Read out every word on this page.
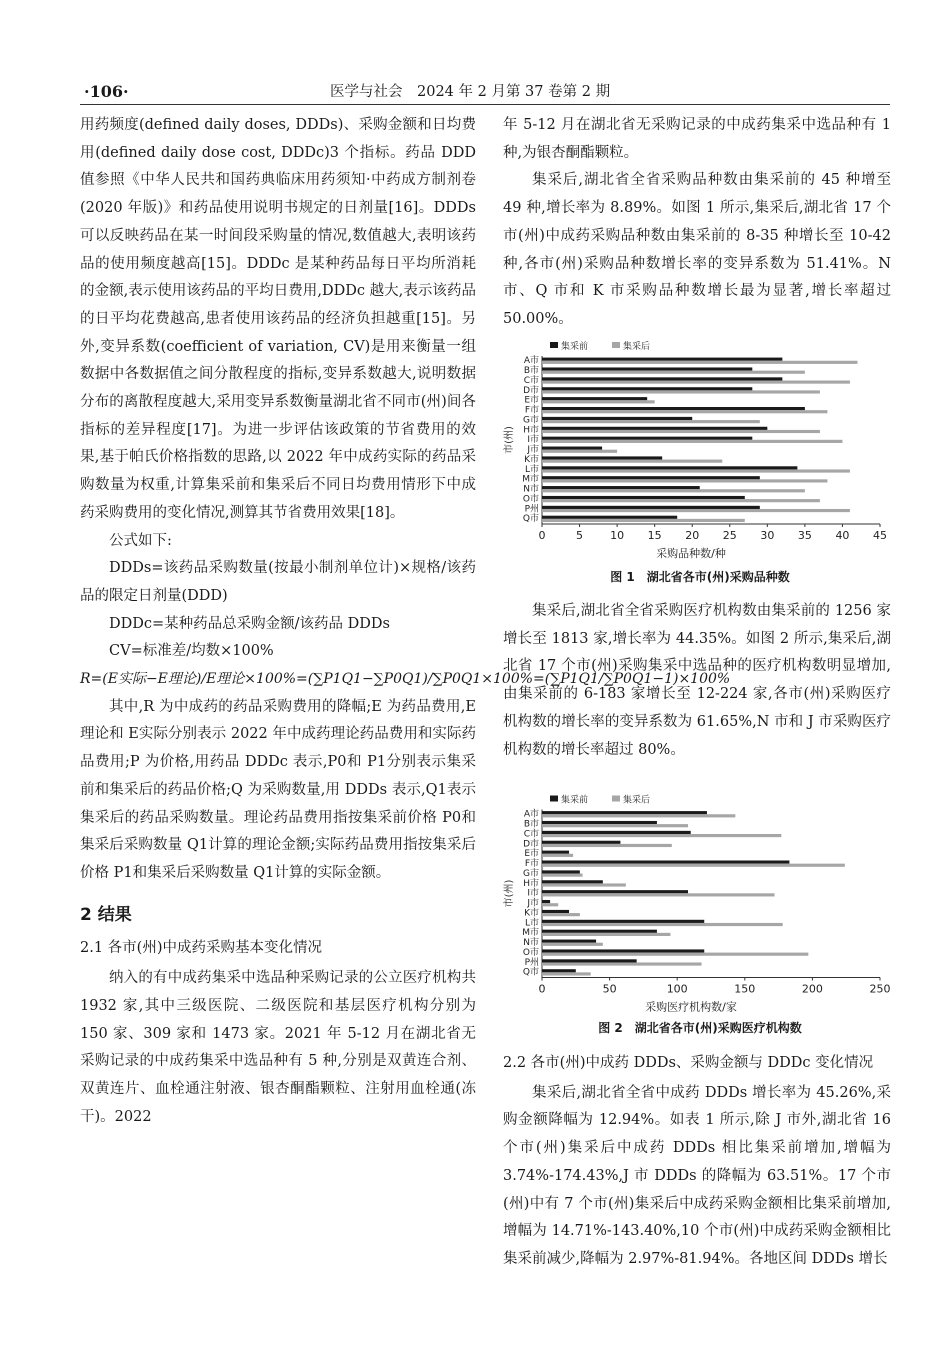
·106·	医学与社会　2024 年 2 月第 37 卷第 2 期

用药频度(defined daily doses, DDDs)、采购金额和日均费用(defined daily dose cost, DDDc)3 个指标。药品 DDD 值参照《中华人民共和国药典临床用药须知·中药成方制剂卷(2020 年版)》和药品使用说明书规定的日剂量[16]。DDDs 可以反映药品在某一时间段采购量的情况,数值越大,表明该药品的使用频度越高[15]。DDDc 是某种药品每日平均所消耗的金额,表示使用该药品的平均日费用,DDDc 越大,表示该药品的日平均花费越高,患者使用该药品的经济负担越重[15]。另外,变异系数(coefficient of variation, CV)是用来衡量一组数据中各数据值之间分散程度的指标,变异系数越大,说明数据分布的离散程度越大,采用变异系数衡量湖北省不同市(州)间各指标的差异程度[17]。为进一步评估该政策的节省费用的效果,基于帕氏价格指数的思路,以 2022 年中成药实际的药品采购数量为权重,计算集采前和集采后不同日均费用情形下中成药采购费用的变化情况,测算其节省费用效果[18]。

公式如下:

DDDs=该药品采购数量(按最小制剂单位计)×规格/该药品的限定日剂量(DDD)

DDDc=某种药品总采购金额/该药品 DDDs

CV=标准差/均数×100%

R=(E实际−E理论)/E理论×100%=(∑P1Q1−∑P0Q1)/∑P0Q1×100%=(∑P1Q1/∑P0Q1−1)×100%

其中,R 为中成药的药品采购费用的降幅;E 为药品费用,E理论和 E实际分别表示 2022 年中成药理论药品费用和实际药品费用;P 为价格,用药品 DDDc 表示,P0和 P1分别表示集采前和集采后的药品价格;Q 为采购数量,用 DDDs 表示,Q1表示集采后的药品采购数量。理论药品费用指按集采前价格 P0和集采后采购数量 Q1计算的理论金额;实际药品费用指按集采后价格 P1和集采后采购数量 Q1计算的实际金额。

2 结果
2.1 各市(州)中成药采购基本变化情况

纳入的有中成药集采中选品种采购记录的公立医疗机构共 1932 家,其中三级医院、二级医院和基层医疗机构分别为 150 家、309 家和 1473 家。2021 年 5-12 月在湖北省无采购记录的中成药集采中选品种有 5 种,分别是双黄连合剂、双黄连片、血栓通注射液、银杏酮酯颗粒、注射用血栓通(冻干)。2022

年 5-12 月在湖北省无采购记录的中成药集采中选品种有 1 种,为银杏酮酯颗粒。

集采后,湖北省全省采购品种数由集采前的 45 种增至 49 种,增长率为 8.89%。如图 1 所示,集采后,湖北省 17 个市(州)中成药采购品种数由集采前的 8-35 种增长至 10-42 种,各市(州)采购品种数增长率的变异系数为 51.41%。N 市、Q 市和 K 市采购品种数增长最为显著,增长率超过 50.00%。

集采前	集采后
A市
B市
C市
D市
E市
F市
G市
H市
I市
J市
K市
L市
M市
N市
O市
P州
Q市
0	5 10 15 20 25 30 35 40 45
采购品种数/种
市(州)
图 1　湖北省各市(州)采购品种数

集采后,湖北省全省采购医疗机构数由集采前的 1256 家增长至 1813 家,增长率为 44.35%。如图 2 所示,集采后,湖北省 17 个市(州)采购集采中选品种的医疗机构数明显增加,由集采前的 6-183 家增长至 12-224 家,各市(州)采购医疗机构数的增长率的变异系数为 61.65%,N 市和 J 市采购医疗机构数的增长率超过 80%。

集采前	集采后
A市
B市
C市
D市
E市
F市
G市
H市
I市
J市
K市
L市
M市
N市
O市
P州
Q市
0	50	100	150	200	250
采购医疗机构数/家
市(州)
图 2　湖北省各市(州)采购医疗机构数
2.2 各市(州)中成药 DDDs、采购金额与 DDDc 变化情况

集采后,湖北省全省中成药 DDDs 增长率为 45.26%,采购金额降幅为 12.94%。如表 1 所示,除 J 市外,湖北省 16 个市(州)集采后中成药 DDDs 相比集采前增加,增幅为 3.74%-174.43%,J 市 DDDs 的降幅为 63.51%。17 个市(州)中有 7 个市(州)集采后中成药采购金额相比集采前增加,增幅为 14.71%-143.40%,10 个市(州)中成药采购金额相比集采前减少,降幅为 2.97%-81.94%。各地区间 DDDs 增长
